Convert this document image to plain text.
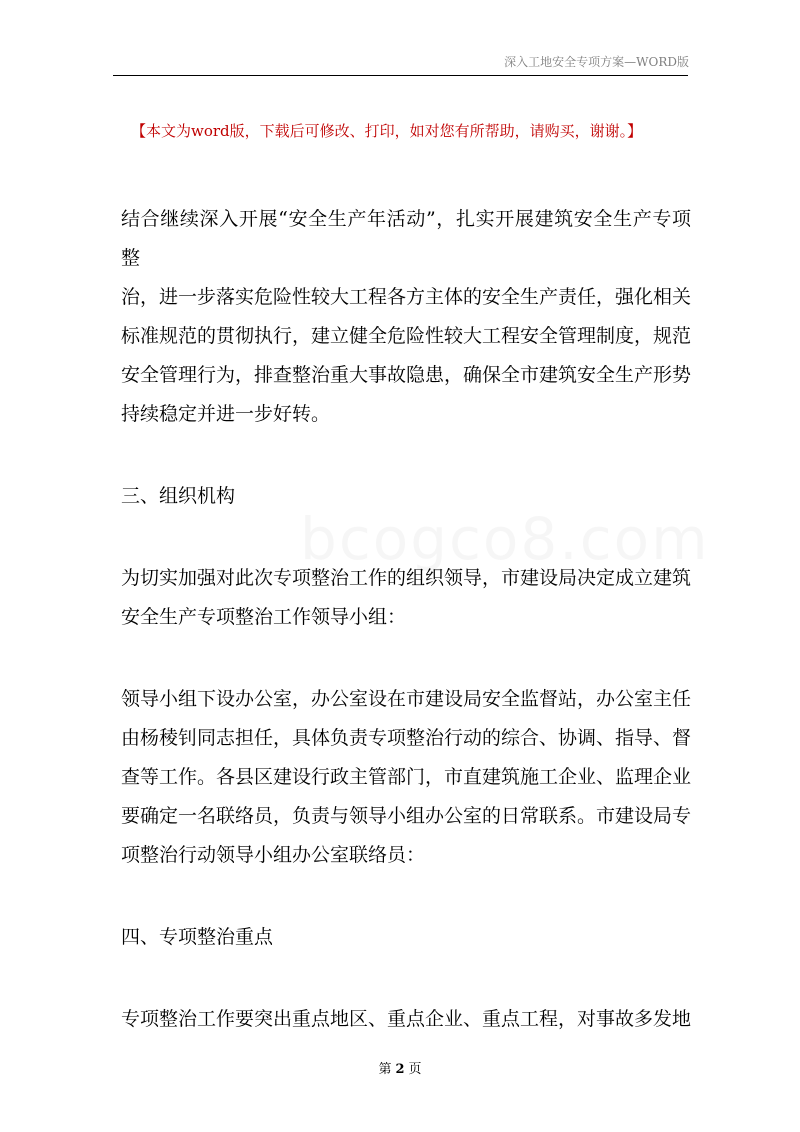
深入工地安全专项方案—WORD版
【本文为word版，下载后可修改、打印，如对您有所帮助，请购买，谢谢。】

结合继续深入开展“安全生产年活动”，扎实开展建筑安全生产专项整

治，进一步落实危险性较大工程各方主体的安全生产责任，强化相关

标准规范的贯彻执行，建立健全危险性较大工程安全管理制度，规范

安全管理行为，排查整治重大事故隐患，确保全市建筑安全生产形势

持续稳定并进一步好转。

三、组织机构

为切实加强对此次专项整治工作的组织领导，市建设局决定成立建筑

安全生产专项整治工作领导小组：

领导小组下设办公室，办公室设在市建设局安全监督站，办公室主任

由杨稜钊同志担任，具体负责专项整治行动的综合、协调、指导、督

查等工作。各县区建设行政主管部门，市直建筑施工企业、监理企业

要确定一名联络员，负责与领导小组办公室的日常联系。市建设局专

项整治行动领导小组办公室联络员：

四、专项整治重点

专项整治工作要突出重点地区、重点企业、重点工程，对事故多发地

第 2 页
